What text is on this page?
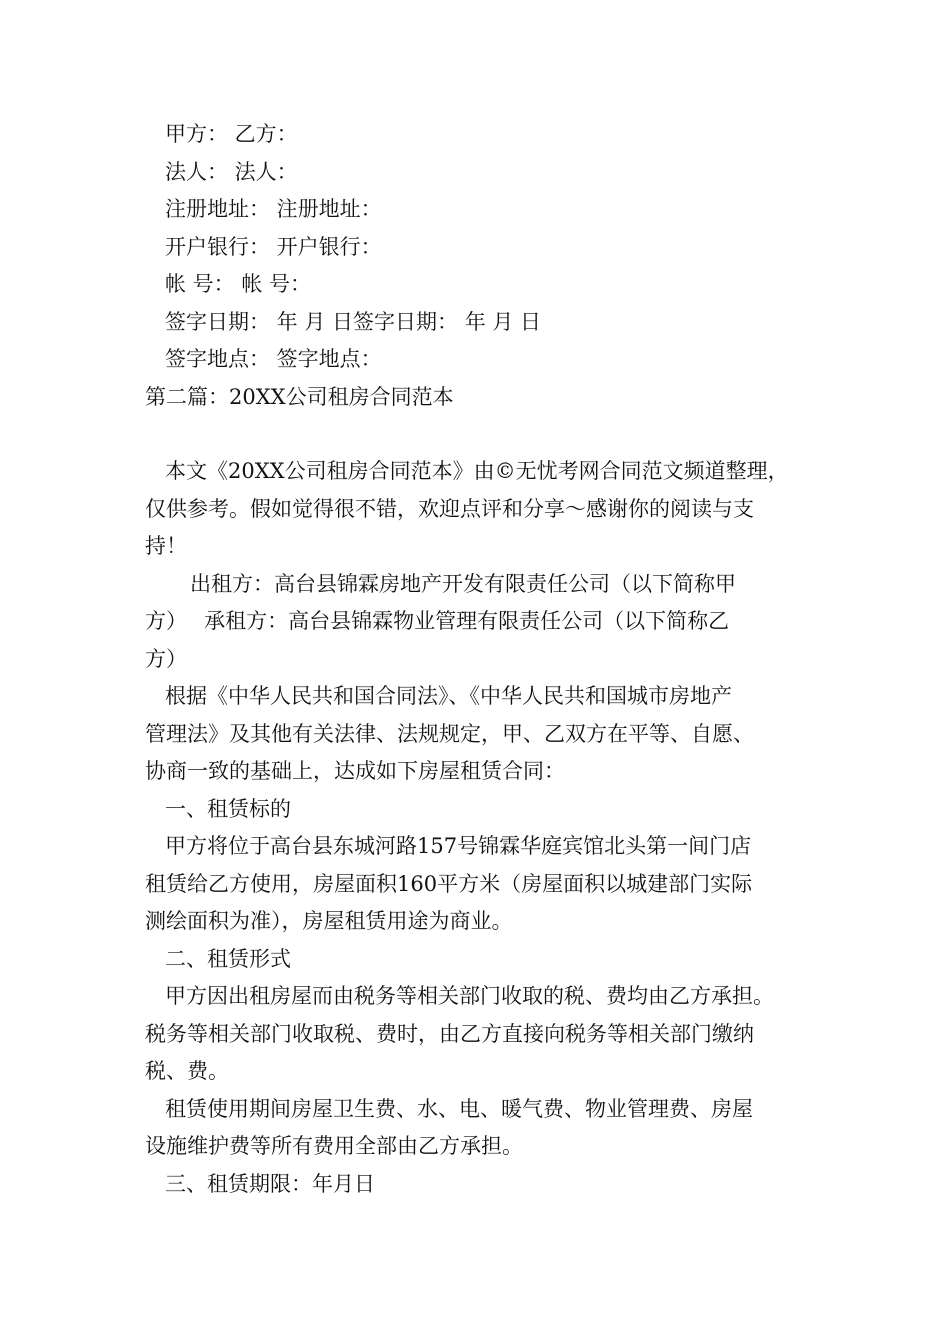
甲方： 乙方：

法人： 法人：

注册地址： 注册地址：

开户银行： 开户银行：

帐 号： 帐 号：

签字日期： 年 月 日签字日期： 年 月 日

签字地点： 签字地点：

第二篇：20XX公司租房合同范本

本文《20XX公司租房合同范本》由©无忧考网合同范文频道整理，

仅供参考。假如觉得很不错，欢迎点评和分享～感谢你的阅读与支

持！

出租方：高台县锦霖房地产开发有限责任公司（以下简称甲

方）　 承租方：高台县锦霖物业管理有限责任公司（以下简称乙

方）

根据《中华人民共和国合同法》、《中华人民共和国城市房地产

管理法》及其他有关法律、法规规定，甲、乙双方在平等、自愿、

协商一致的基础上，达成如下房屋租赁合同：

一、租赁标的

甲方将位于高台县东城河路157号锦霖华庭宾馆北头第一间门店

租赁给乙方使用，房屋面积160平方米（房屋面积以城建部门实际

测绘面积为准），房屋租赁用途为商业。

二、租赁形式

甲方因出租房屋而由税务等相关部门收取的税、费均由乙方承担。

税务等相关部门收取税、费时，由乙方直接向税务等相关部门缴纳

税、费。

租赁使用期间房屋卫生费、水、电、暖气费、物业管理费、房屋

设施维护费等所有费用全部由乙方承担。

三、租赁期限：年月日
